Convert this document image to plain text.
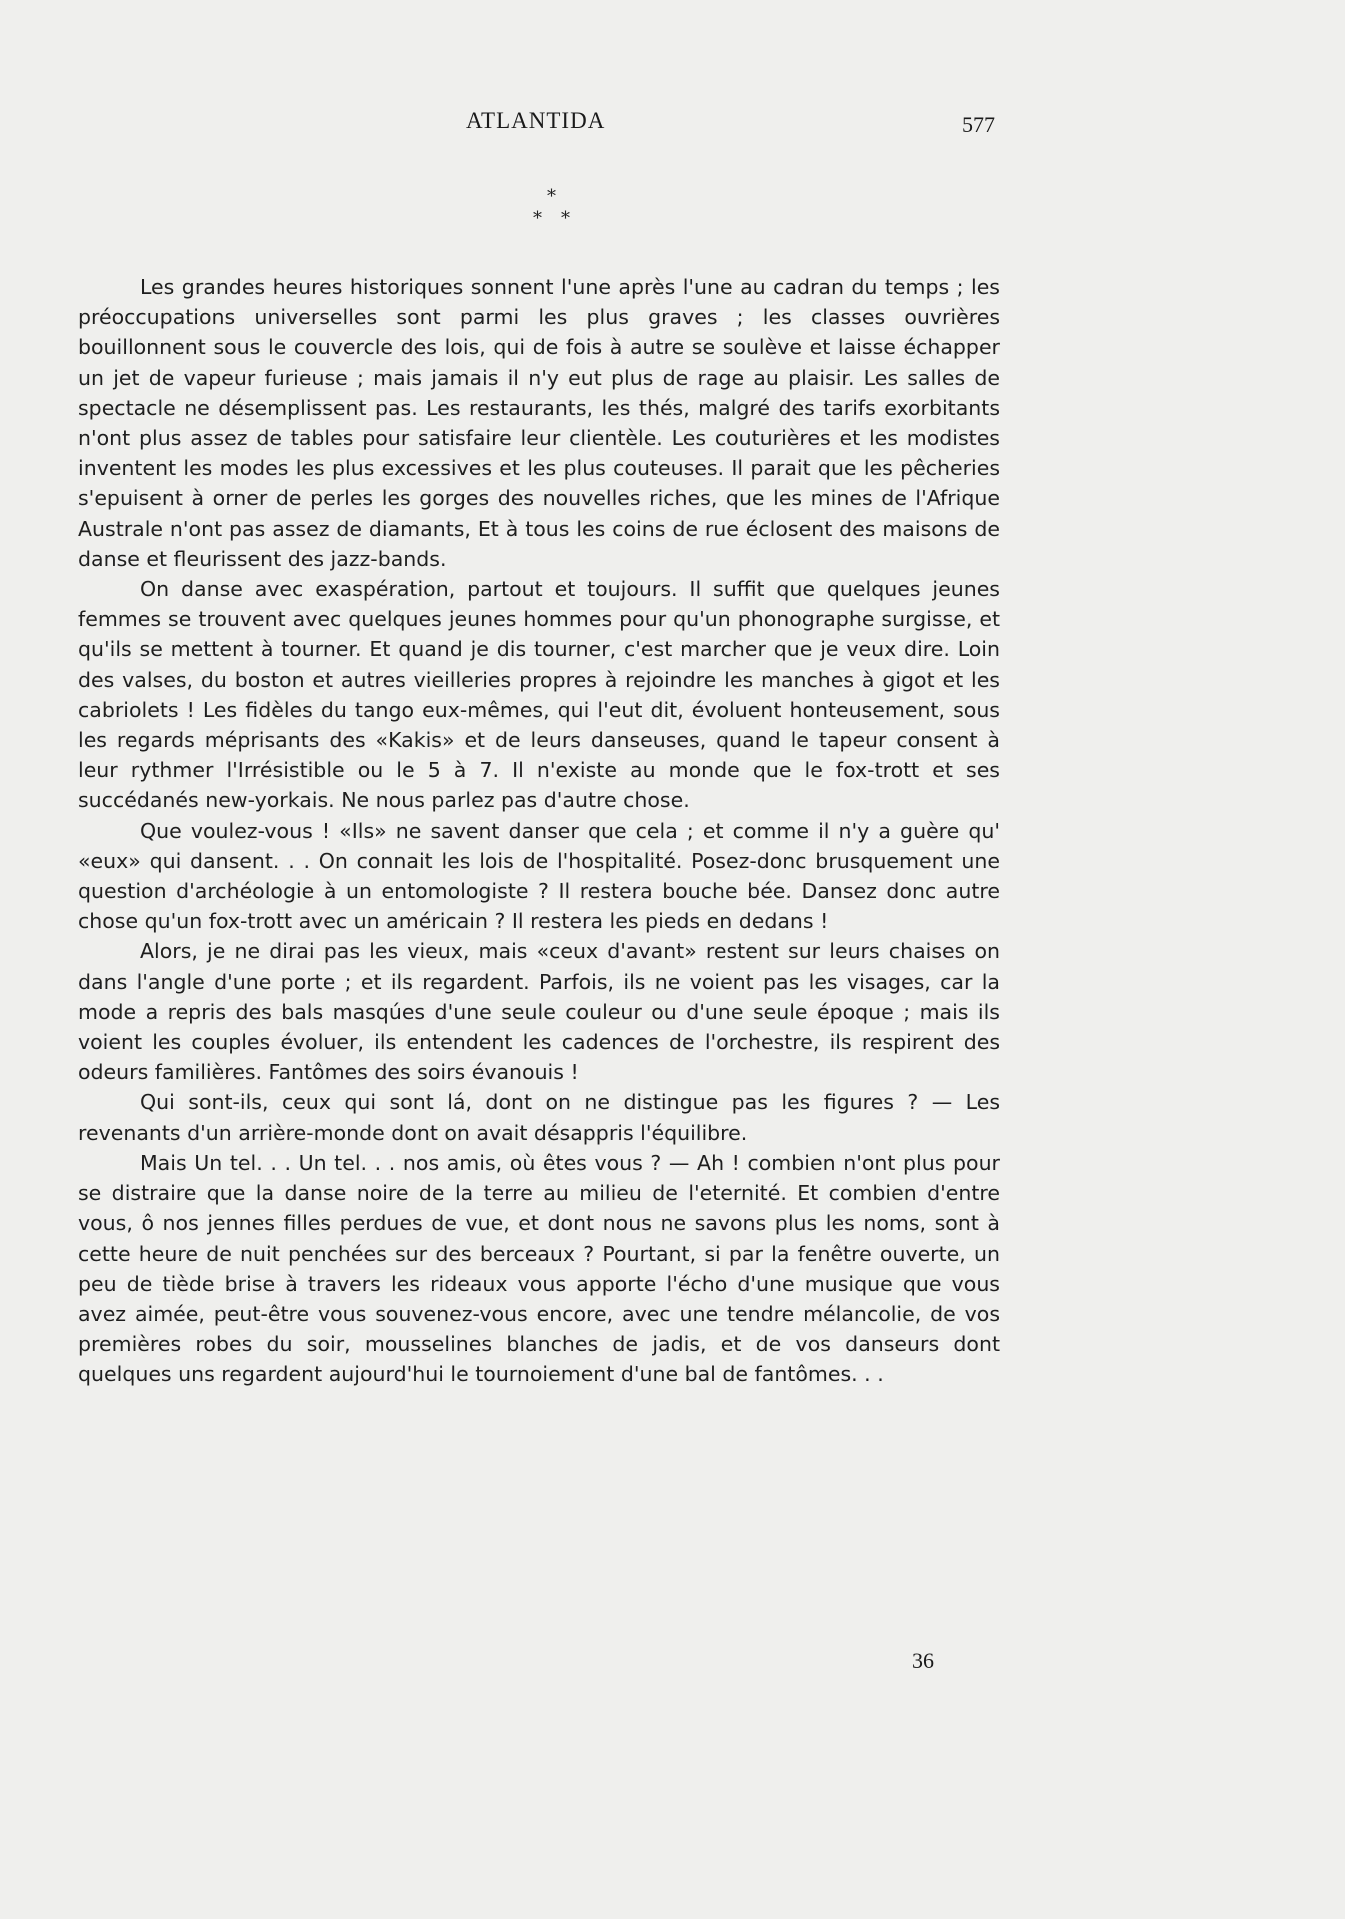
ATLANTIDA	577
*
* *

Les grandes heures historiques sonnent l'une après l'une au cadran du temps ; les préoccupations universelles sont parmi les plus graves ; les classes ouvrières bouillonnent sous le couvercle des lois, qui de fois à autre se soulève et laisse échapper un jet de vapeur furieuse ; mais jamais il n'y eut plus de rage au plaisir. Les salles de spectacle ne désemplissent pas. Les restaurants, les thés, malgré des tarifs exorbitants n'ont plus assez de tables pour satisfaire leur clientèle. Les couturières et les modistes inventent les modes les plus excessives et les plus couteuses. Il parait que les pêcheries s'epuisent à orner de perles les gorges des nouvelles riches, que les mines de l'Afrique Australe n'ont pas assez de diamants, Et à tous les coins de rue éclosent des maisons de danse et fleurissent des jazz-bands.

On danse avec exaspération, partout et toujours. Il suffit que quelques jeunes femmes se trouvent avec quelques jeunes hommes pour qu'un phonographe surgisse, et qu'ils se mettent à tourner. Et quand je dis tourner, c'est marcher que je veux dire. Loin des valses, du boston et autres vieilleries propres à rejoindre les manches à gigot et les cabriolets ! Les fidèles du tango eux-mêmes, qui l'eut dit, évoluent honteusement, sous les regards méprisants des «Kakis» et de leurs danseuses, quand le tapeur consent à leur rythmer l'Irrésistible ou le 5 à 7. Il n'existe au monde que le fox-trott et ses succédanés new-yorkais. Ne nous parlez pas d'autre chose.

Que voulez-vous ! «Ils» ne savent danser que cela ; et comme il n'y a guère qu' «eux» qui dansent. . . On connait les lois de l'hospitalité. Posez-donc brusquement une question d'archéologie à un entomologiste ? Il restera bouche bée. Dansez donc autre chose qu'un fox-trott avec un américain ? Il restera les pieds en dedans !

Alors, je ne dirai pas les vieux, mais «ceux d'avant» restent sur leurs chaises on dans l'angle d'une porte ; et ils regardent. Parfois, ils ne voient pas les visages, car la mode a repris des bals masqúes d'une seule couleur ou d'une seule époque ; mais ils voient les couples évoluer, ils entendent les cadences de l'orchestre, ils respirent des odeurs familières. Fantômes des soirs évanouis !

Qui sont-ils, ceux qui sont lá, dont on ne distingue pas les figures ? — Les revenants d'un arrière-monde dont on avait désappris l'équilibre.

Mais Un tel. . . Un tel. . . nos amis, où êtes vous ? — Ah ! combien n'ont plus pour se distraire que la danse noire de la terre au milieu de l'eternité. Et combien d'entre vous, ô nos jennes filles perdues de vue, et dont nous ne savons plus les noms, sont à cette heure de nuit penchées sur des berceaux ? Pourtant, si par la fenêtre ouverte, un peu de tiède brise à travers les rideaux vous apporte l'écho d'une musique que vous avez aimée, peut-être vous souvenez-vous encore, avec une tendre mélancolie, de vos premières robes du soir, mousselines blanches de jadis, et de vos danseurs dont quelques uns regardent aujourd'hui le tournoiement d'une bal de fantômes. . .

36
